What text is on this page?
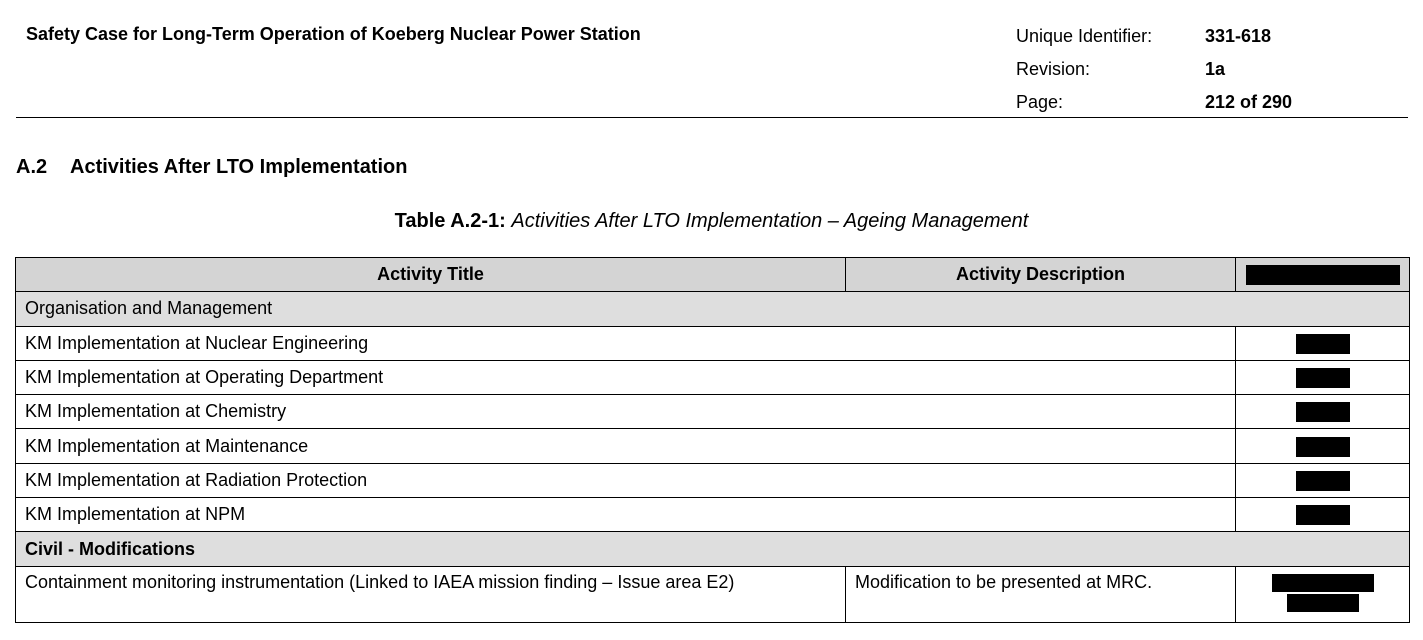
Safety Case for Long-Term Operation of Koeberg Nuclear Power Station	Unique Identifier:	331-618
Revision:	1a
Page:	212 of 290
A.2 Activities After LTO Implementation
Table A.2-1: Activities After LTO Implementation – Ageing Management
Activity Title	Activity Description	
Organisation and Management		
KM Implementation at Nuclear Engineering		
KM Implementation at Operating Department		
KM Implementation at Chemistry		
KM Implementation at Maintenance		
KM Implementation at Radiation Protection		
KM Implementation at NPM		
Civil - Modifications		
Containment monitoring instrumentation (Linked to IAEA mission finding – Issue area E2)	Modification to be presented at MRC.	
